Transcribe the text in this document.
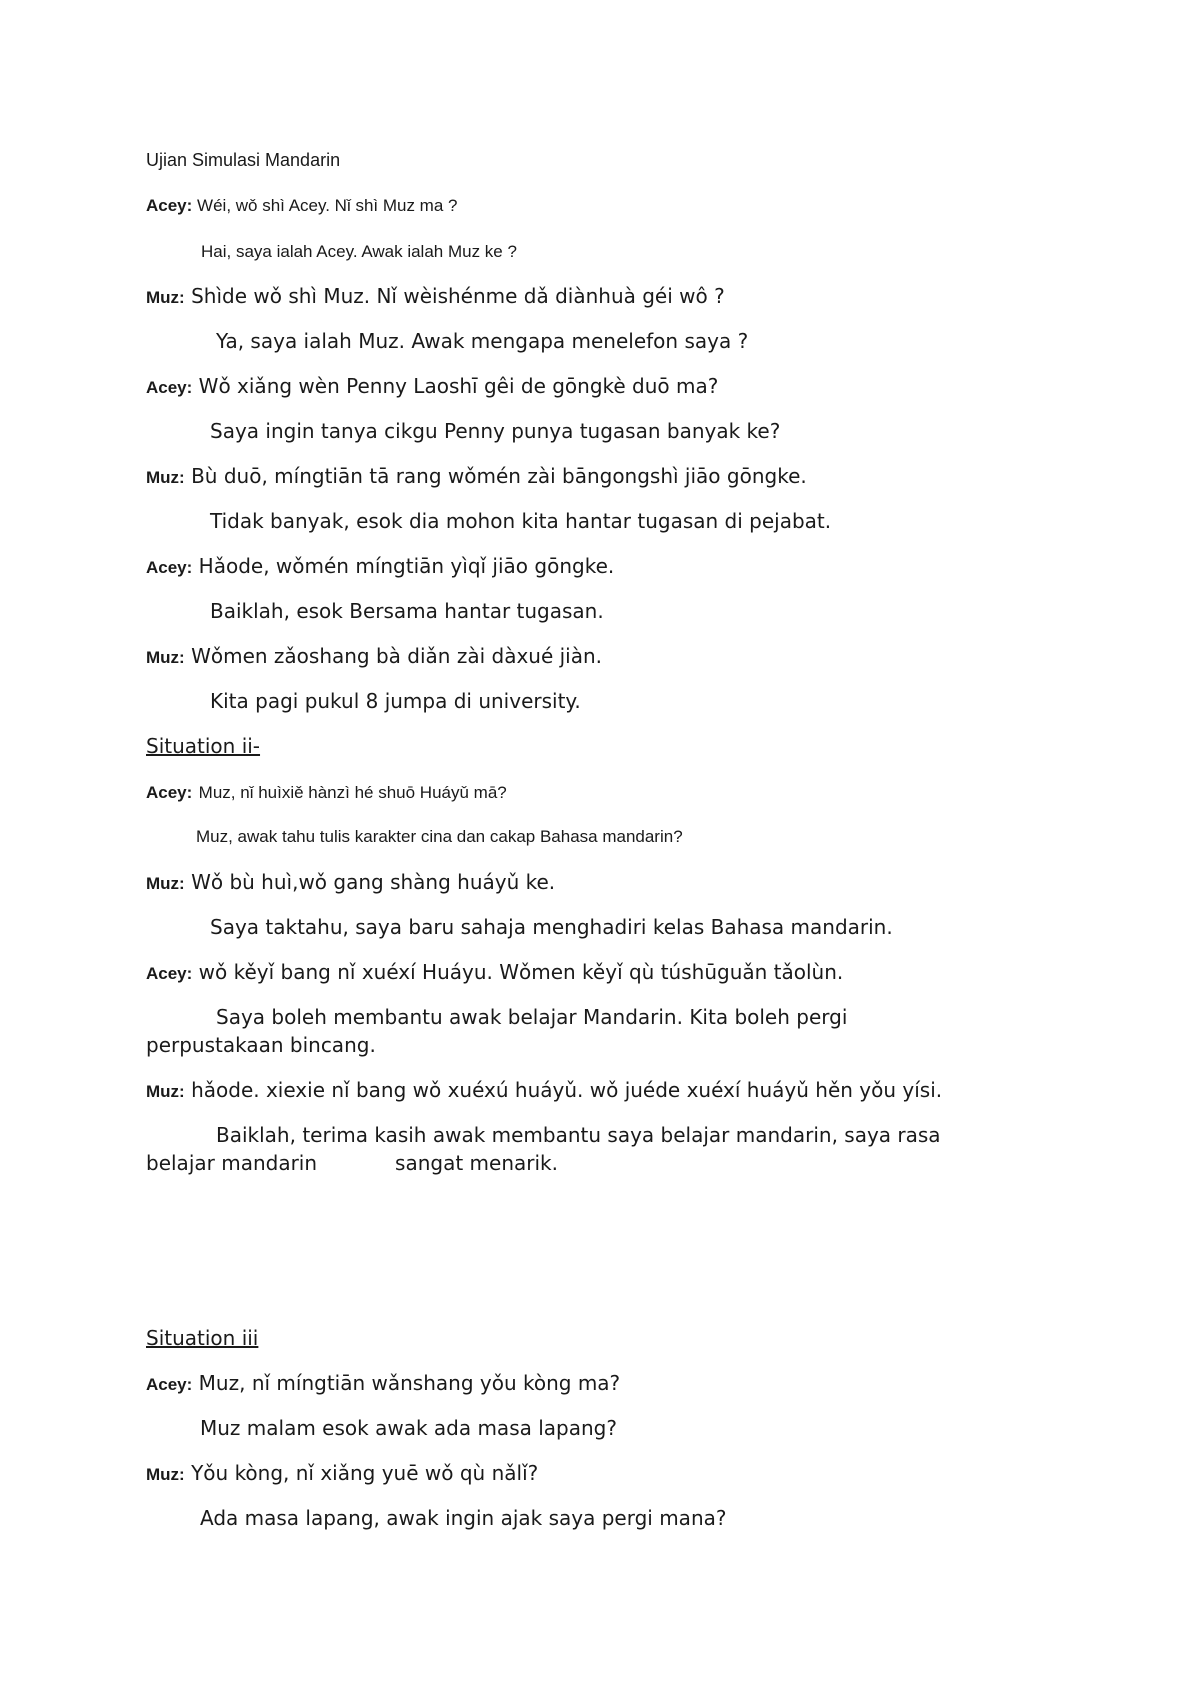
Ujian Simulasi Mandarin
Acey: Wéi, wǒ shì Acey. Nǐ shì Muz ma ?
Hai, saya ialah Acey. Awak ialah Muz ke ?
Muz: Shìde wǒ shì Muz. Nǐ wèishénme dǎ diànhuà géi wô ?
Ya, saya ialah Muz. Awak mengapa menelefon saya ?
Acey: Wǒ xiǎng wèn Penny Laoshī gêi de gōngkè duō ma?
Saya ingin tanya cikgu Penny punya tugasan banyak ke?
Muz: Bù duō, míngtiān tā rang wǒmén zài bāngongshì jiāo gōngke.
Tidak banyak, esok dia mohon kita hantar tugasan di pejabat.
Acey: Hǎode, wǒmén míngtiān yìqǐ jiāo gōngke.
Baiklah, esok Bersama hantar tugasan.
Muz: Wǒmen zǎoshang bà diǎn zài dàxué jiàn.
Kita pagi pukul 8 jumpa di university.
Situation ii-
Acey: Muz, nǐ huìxiě hànzì hé shuō Huáyǔ mā?
Muz, awak tahu tulis karakter cina dan cakap Bahasa mandarin?
Muz: Wǒ bù huì,wǒ gang shàng huáyǔ ke.
Saya taktahu, saya baru sahaja menghadiri kelas Bahasa mandarin.
Acey: wǒ kěyǐ bang nǐ xuéxí Huáyu. Wǒmen kěyǐ qù túshūguǎn tǎolùn.
Saya boleh membantu awak belajar Mandarin. Kita boleh pergi
perpustakaan bincang.
Muz: hǎode. xiexie nǐ bang wǒ xuéxú huáyǔ. wǒ juéde xuéxí huáyǔ hěn yǒu yísi.
Baiklah, terima kasih awak membantu saya belajar mandarin, saya rasa
belajar mandarin	sangat menarik.
Situation iii
Acey: Muz, nǐ míngtiān wǎnshang yǒu kòng ma?
Muz malam esok awak ada masa lapang?
Muz: Yǒu kòng, nǐ xiǎng yuē wǒ qù nǎlǐ?
Ada masa lapang, awak ingin ajak saya pergi mana?
